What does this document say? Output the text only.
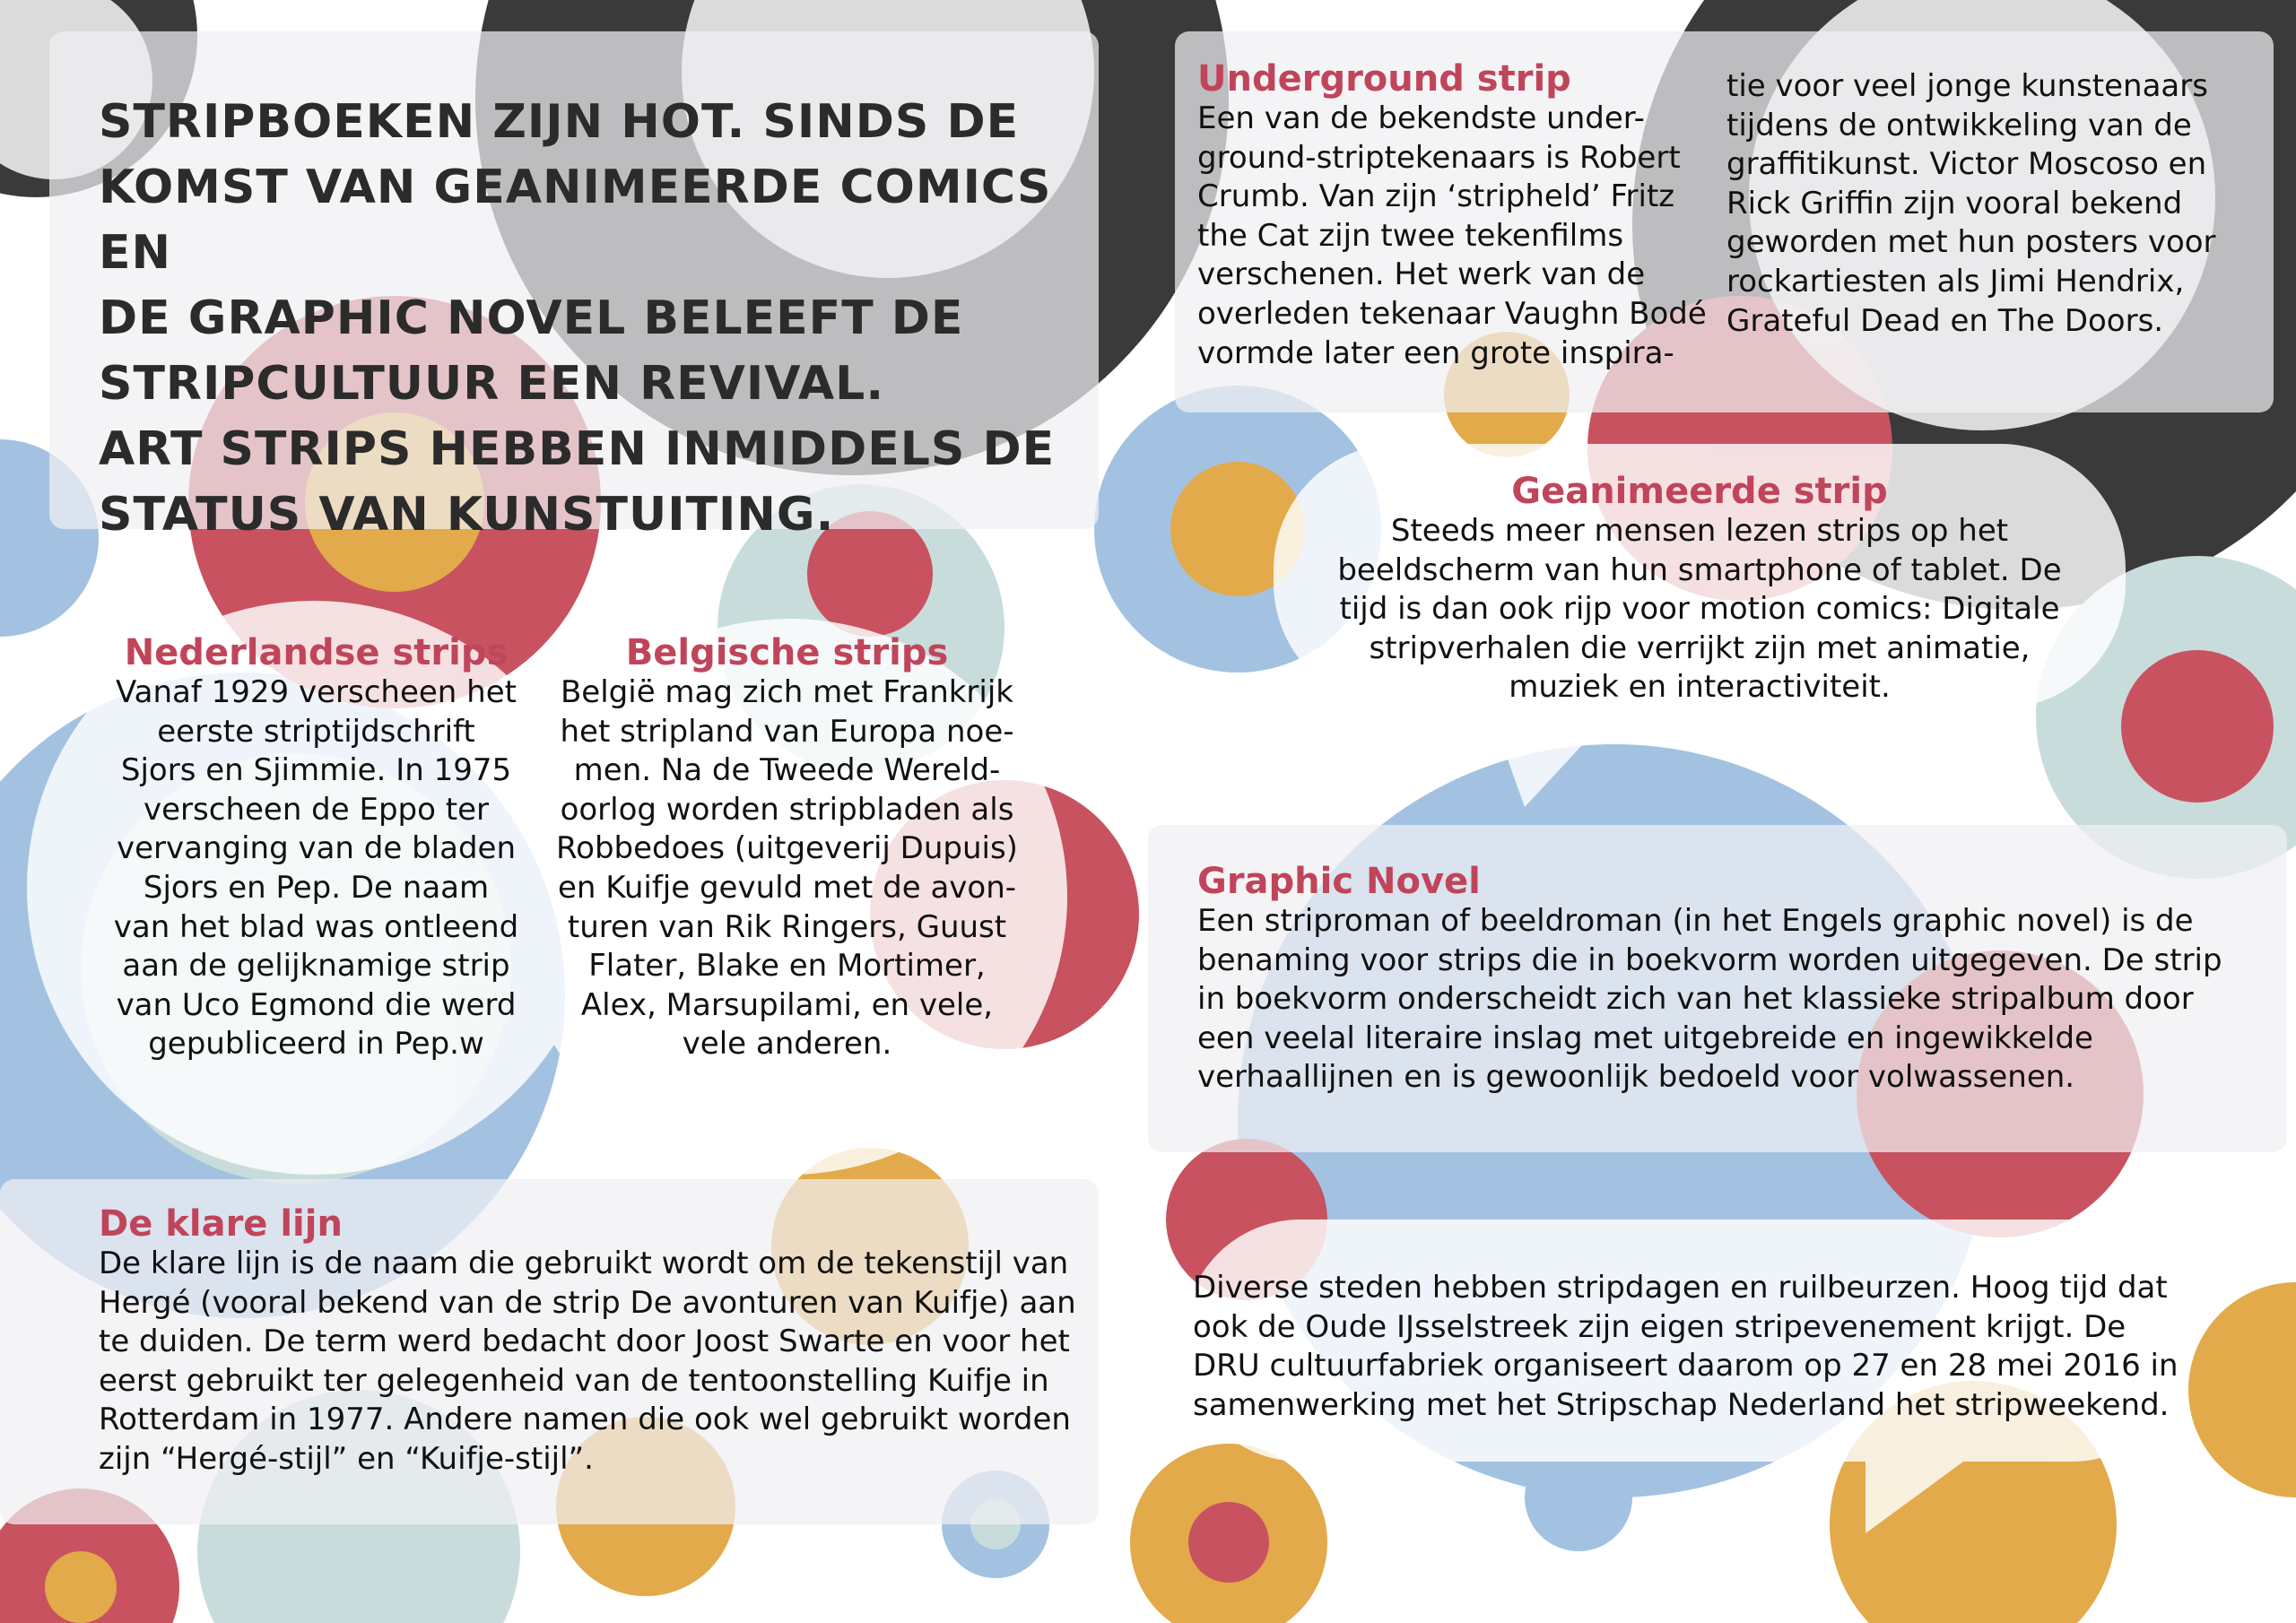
STRIPBOEKEN ZIJN HOT. SINDS DE
KOMST VAN GEANIMEERDE COMICS EN
DE GRAPHIC NOVEL BELEEFT DE
STRIPCULTUUR EEN REVIVAL.
ART STRIPS HEBBEN INMIDDELS DE
STATUS VAN KUNSTUITING.

Underground strip

Een van de bekendste under-
ground-striptekenaars is Robert
Crumb. Van zijn ‘stripheld’ Fritz
the Cat zijn twee tekenfilms
verschenen. Het werk van de
overleden tekenaar Vaughn Bodé
vormde later een grote inspira-

tie voor veel jonge kunstenaars
tijdens de ontwikkeling van de
graffitikunst. Victor Moscoso en
Rick Griffin zijn vooral bekend
geworden met hun posters voor
rockartiesten als Jimi Hendrix,
Grateful Dead en The Doors.

Geanimeerde strip

Steeds meer mensen lezen strips op het
beeldscherm van hun smartphone of tablet. De
tijd is dan ook rijp voor motion comics: Digitale
stripverhalen die verrijkt zijn met animatie,
muziek en interactiviteit.

Nederlandse strips

Vanaf 1929 verscheen het
eerste striptijdschrift
Sjors en Sjimmie. In 1975
verscheen de Eppo ter
vervanging van de bladen
Sjors en Pep. De naam
van het blad was ontleend
aan de gelijknamige strip
van Uco Egmond die werd
gepubliceerd in Pep.w

Belgische strips

België mag zich met Frankrijk
het stripland van Europa noe-
men. Na de Tweede Wereld-
oorlog worden stripbladen als
Robbedoes (uitgeverij Dupuis)
en Kuifje gevuld met de avon-
turen van Rik Ringers, Guust
Flater, Blake en Mortimer,
Alex, Marsupilami, en vele,
vele anderen.

Graphic Novel

Een striproman of beeldroman (in het Engels graphic novel) is de
benaming voor strips die in boekvorm worden uitgegeven. De strip
in boekvorm onderscheidt zich van het klassieke stripalbum door
een veelal literaire inslag met uitgebreide en ingewikkelde
verhaallijnen en is gewoonlijk bedoeld voor volwassenen.

De klare lijn

De klare lijn is de naam die gebruikt wordt om de tekenstijl van
Hergé (vooral bekend van de strip De avonturen van Kuifje) aan
te duiden. De term werd bedacht door Joost Swarte en voor het
eerst gebruikt ter gelegenheid van de tentoonstelling Kuifje in
Rotterdam in 1977. Andere namen die ook wel gebruikt worden
zijn “Hergé-stijl” en “Kuifje-stijl”.

Diverse steden hebben stripdagen en ruilbeurzen. Hoog tijd dat
ook de Oude IJsselstreek zijn eigen stripevenement krijgt. De
DRU cultuurfabriek organiseert daarom op 27 en 28 mei 2016 in
samenwerking met het Stripschap Nederland het stripweekend.
